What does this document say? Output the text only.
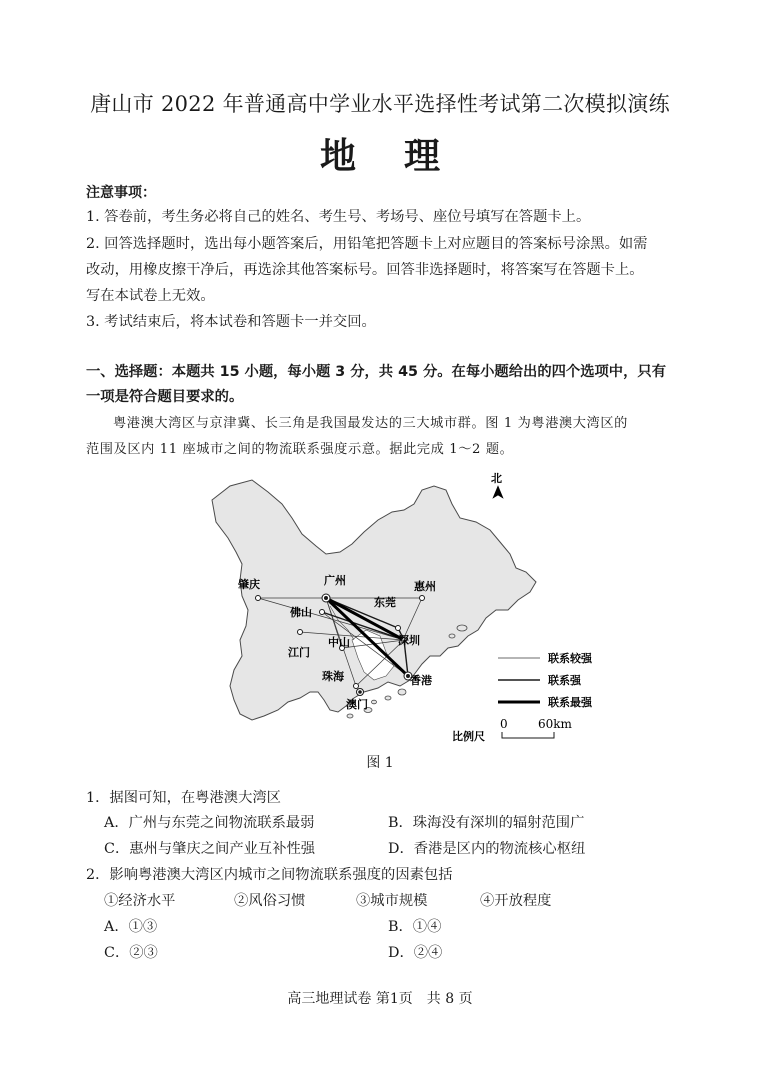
唐山市 2022 年普通高中学业水平选择性考试第二次模拟演练
地理
注意事项：
1. 答卷前，考生务必将自己的姓名、考生号、考场号、座位号填写在答题卡上。
2. 回答选择题时，选出每小题答案后，用铅笔把答题卡上对应题目的答案标号涂黑。如需
改动，用橡皮擦干净后，再选涂其他答案标号。回答非选择题时，将答案写在答题卡上。
写在本试卷上无效。
3. 考试结束后，将本试卷和答题卡一并交回。
一、选择题：本题共 15 小题，每小题 3 分，共 45 分。在每小题给出的四个选项中，只有
一项是符合题目要求的。
粤港澳大湾区与京津冀、长三角是我国最发达的三大城市群。图 1 为粤港澳大湾区的
范围及区内 11 座城市之间的物流联系强度示意。据此完成 1～2 题。
肇庆	广州	惠州
佛山
东莞
中山	深圳
江门
珠海	香港
澳门
北
联系较强
联系强
联系最强
0	60km
比例尺
图 1
1．据图可知，在粤港澳大湾区
A．广州与东莞之间物流联系最弱	B．珠海没有深圳的辐射范围广
C．惠州与肇庆之间产业互补性强	D．香港是区内的物流核心枢纽
2．影响粤港澳大湾区内城市之间物流联系强度的因素包括
①经济水平	②风俗习惯	③城市规模	④开放程度
A．①③	B．①④
C．②③	D．②④
高三地理试卷 第1页　共 8 页
